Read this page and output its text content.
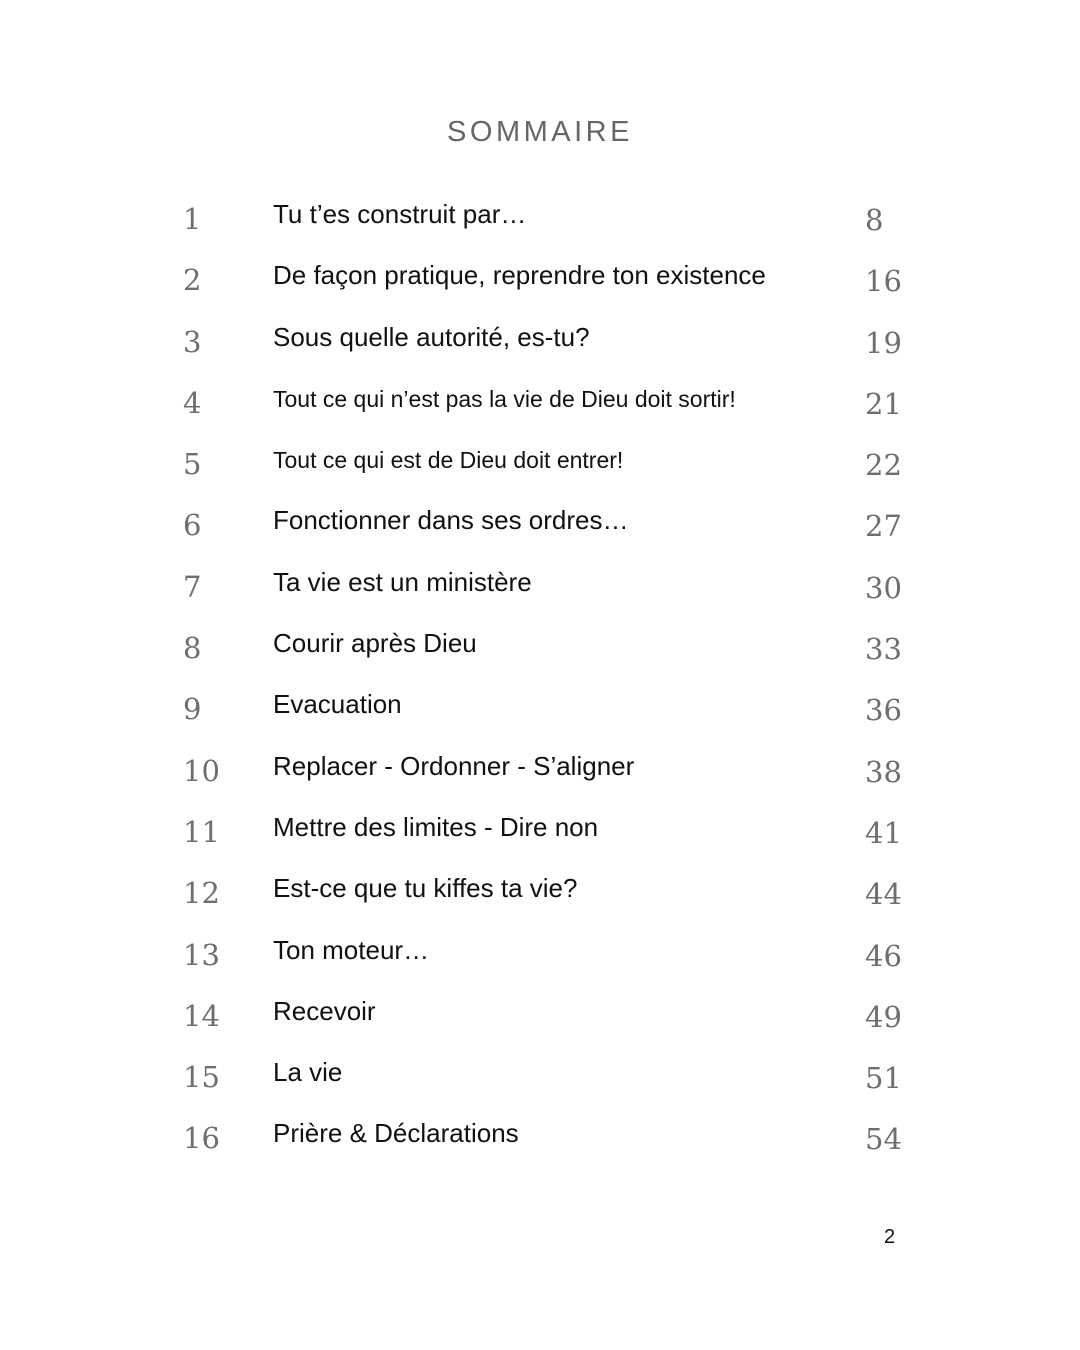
SOMMAIRE
1	Tu t’es construit par…	8
2	De façon pratique, reprendre ton existence	16
3	Sous quelle autorité, es-tu?	19
4	Tout ce qui n’est pas la vie de Dieu doit sortir!	21
5	Tout ce qui est de Dieu doit entrer!	22
6	Fonctionner dans ses ordres…	27
7	Ta vie est un ministère	30
8	Courir après Dieu	33
9	Evacuation	36
10 Replacer - Ordonner - S’aligner	38
11 Mettre des limites - Dire non	41
12 Est-ce que tu kiffes ta vie?	44
13 Ton moteur…	46
14 Recevoir	49
15 La vie	51
16 Prière & Déclarations	54
2
